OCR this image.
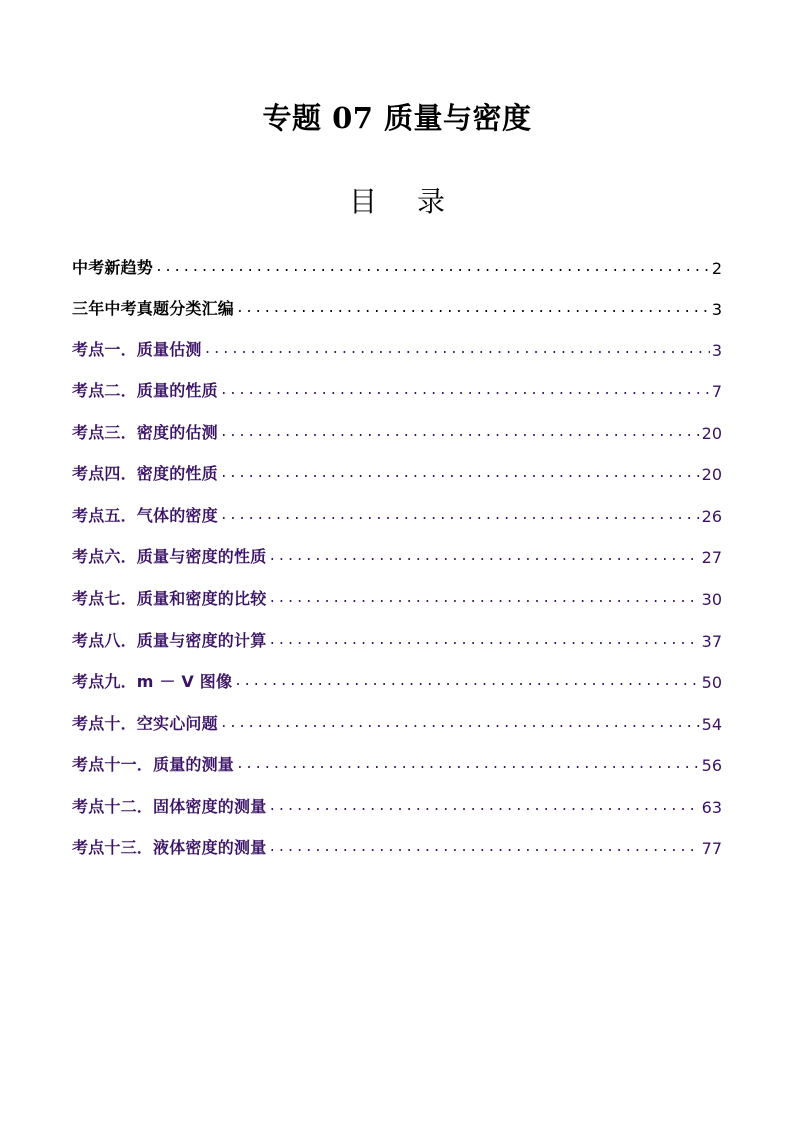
专题 07 质量与密度
目 录
中考新趋势 .....	2
三年中考真题分类汇编 .....	3
考点一．质量估测 .....	3
考点二．质量的性质 .....	7
考点三．密度的估测 .....	20
考点四．密度的性质 .....	20
考点五．气体的密度 .....	26
考点六．质量与密度的性质 .....	27
考点七．质量和密度的比较 .....	30
考点八．质量与密度的计算 .....	37
考点九．m － V 图像 .....	50
考点十．空实心问题 .....	54
考点十一．质量的测量 .....	56
考点十二．固体密度的测量 .....	63
考点十三．液体密度的测量 .....	77
